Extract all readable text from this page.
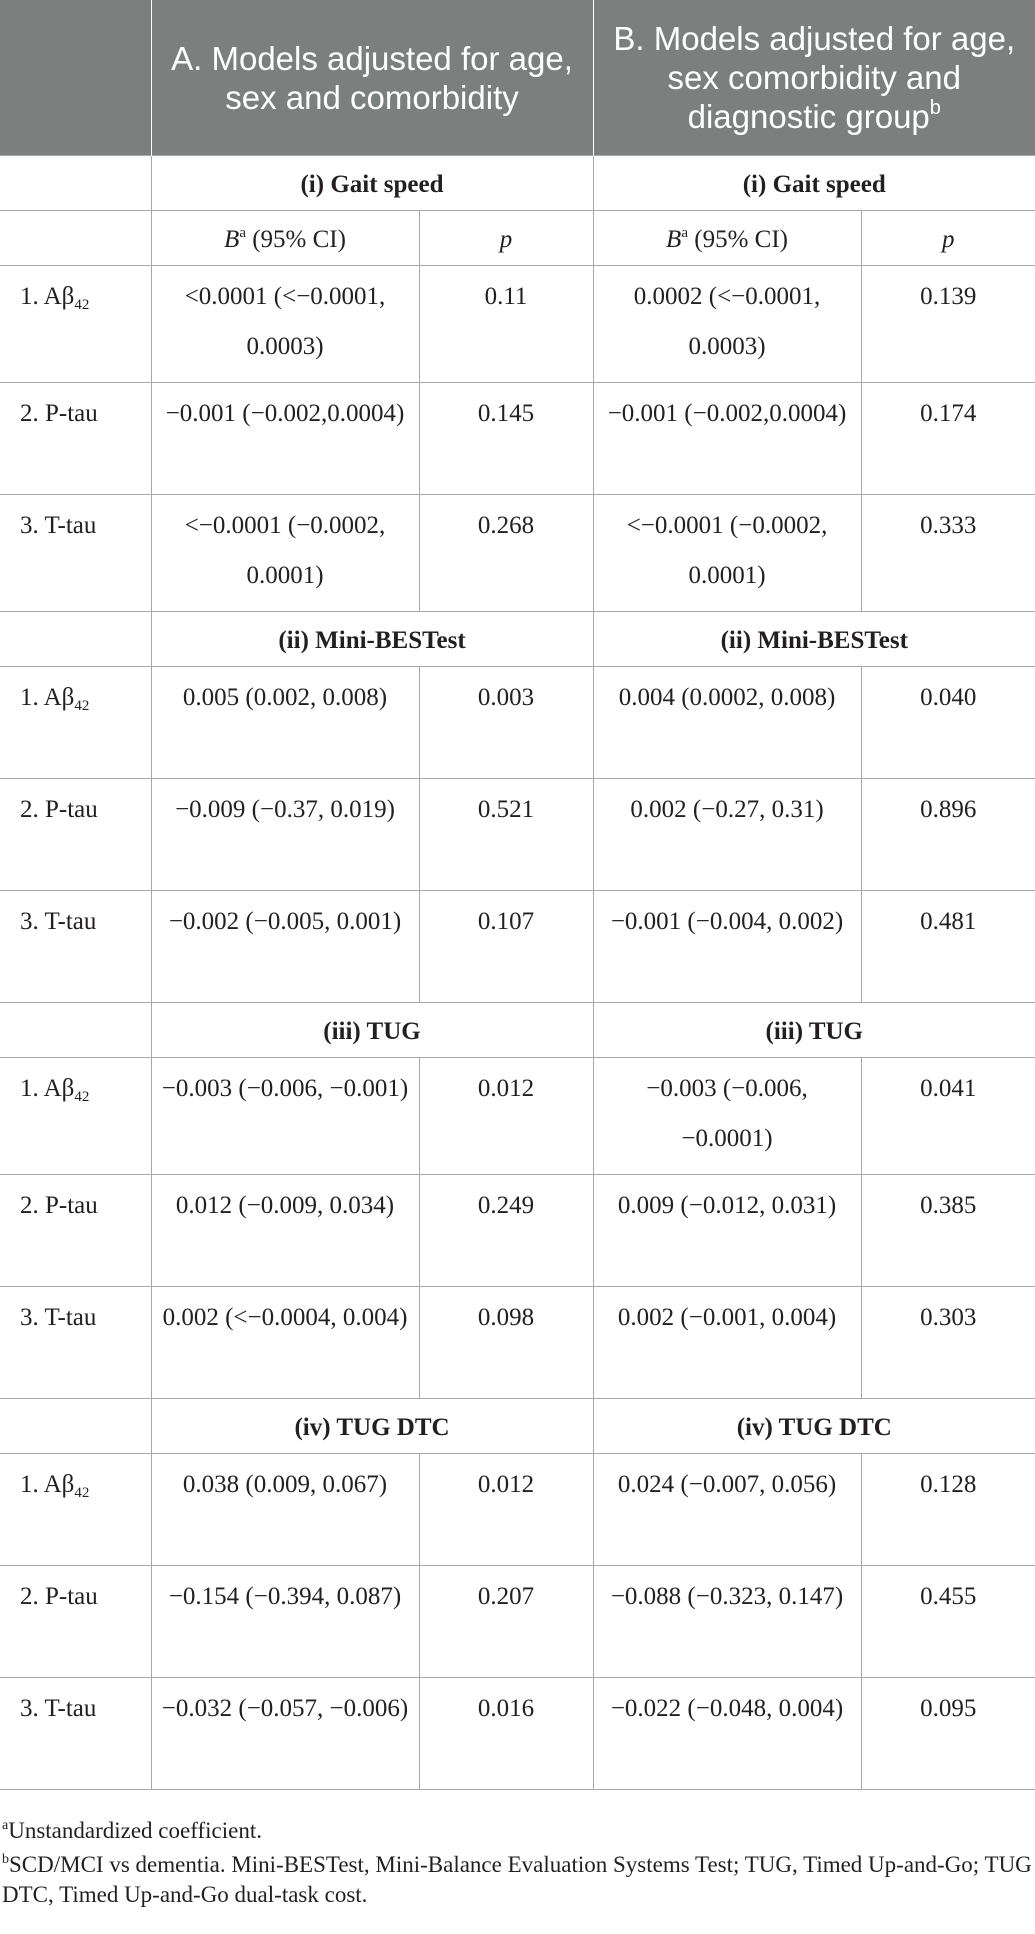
	A. Models adjusted for age, sex and comorbidity		B. Models adjusted for age, sex comorbidity and diagnostic group$^b$
	(i) Gait speed		(i) Gait speed	
	$B^a$ (95% CI)	p	$B^a$ (95% CI)	p
1. $A\beta_{42}$	<0.0001 (<−0.0001, 0.0003)	0.11	0.0002 (<−0.0001, 0.0003)	0.139
2. P-tau	−0.001 (−0.002,0.0004)	0.145	−0.001 (−0.002,0.0004)	0.174
3. T-tau	<−0.0001 (−0.0002, 0.0001)	0.268	<−0.0001 (−0.0002, 0.0001)	0.333
	(ii) Mini-BESTest		(ii) Mini-BESTest	
1. $A\beta_{42}$	0.005 (0.002, 0.008)	0.003	0.004 (0.0002, 0.008)	0.040
2. P-tau	−0.009 (−0.37, 0.019)	0.521	0.002 (−0.27, 0.31)	0.896
3. T-tau	−0.002 (−0.005, 0.001)	0.107	−0.001 (−0.004, 0.002)	0.481
	(iii) TUG		(iii) TUG	
1. $A\beta_{42}$	−0.003 (−0.006, −0.001)	0.012	−0.003 (−0.006, −0.0001)	0.041
2. P-tau	0.012 (−0.009, 0.034)	0.249	0.009 (−0.012, 0.031)	0.385
3. T-tau	0.002 (<−0.0004, 0.004)	0.098	0.002 (−0.001, 0.004)	0.303
	(iv) TUG DTC		(iv) TUG DTC	
1. $A\beta_{42}$	0.038 (0.009, 0.067)	0.012	0.024 (−0.007, 0.056)	0.128
2. P-tau	−0.154 (−0.394, 0.087)	0.207	−0.088 (−0.323, 0.147)	0.455
3. T-tau	−0.032 (−0.057, −0.006)	0.016	−0.022 (−0.048, 0.004)	0.095
$^a$Unstandardized coefficient.
$^b$SCD/MCI vs dementia. Mini-BESTest, Mini-Balance Evaluation Systems Test; TUG, Timed Up-and-Go; TUG DTC, Timed Up-and-Go dual-task cost.
